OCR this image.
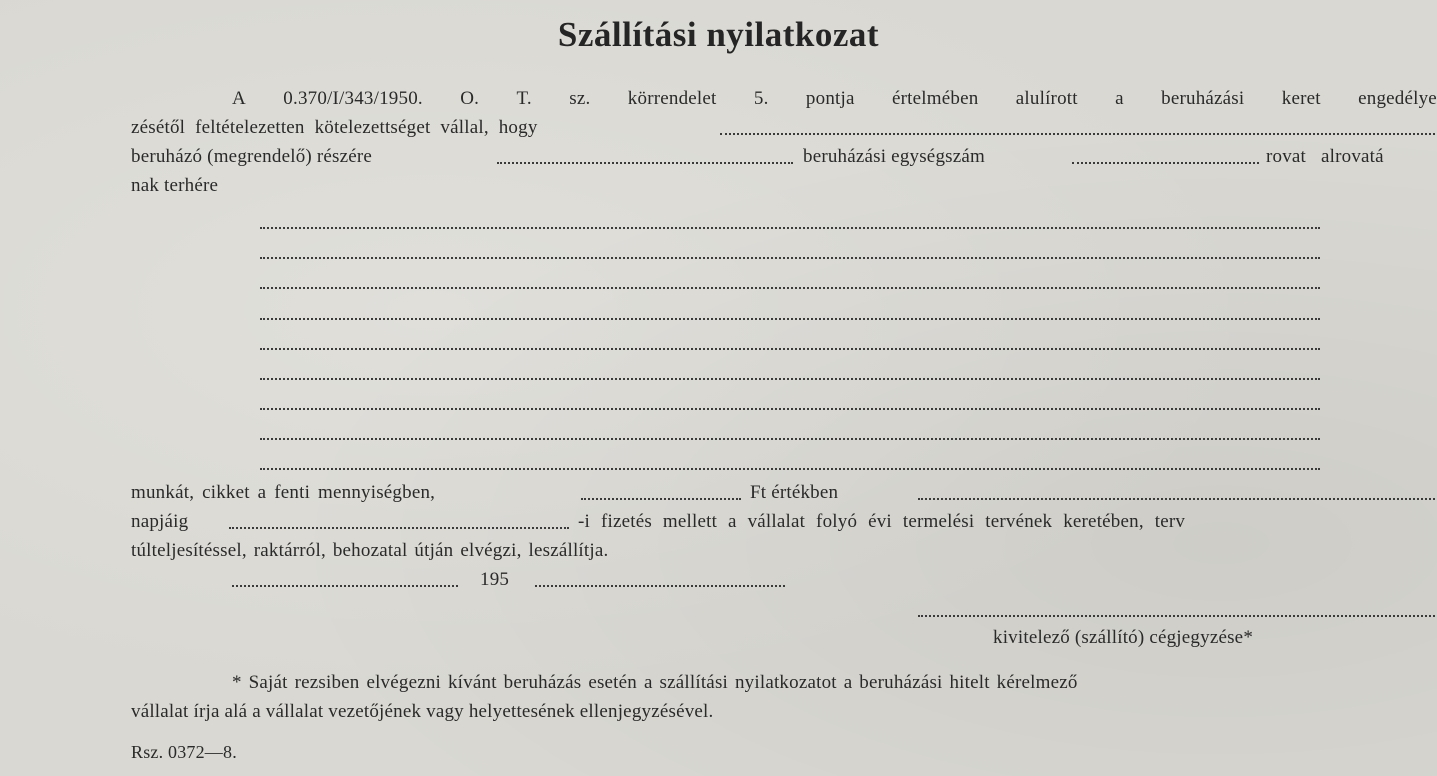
Szállítási nyilatkozat
A 0.370/I/343/1950. O. T. sz. körrendelet 5. pontja értelmében alulírott a beruházási keret engedélye
zésétől feltételezetten kötelezettséget vállal, hogy
beruházó (megrendelő) részére	beruházási egységszám	rovat alrovatá
nak terhére
munkát, cikket a fenti mennyiségben,	Ft értékben
napjáig	-i fizetés mellett a vállalat folyó évi termelési tervének keretében, terv
túlteljesítéssel, raktárról, behozatal útján elvégzi, leszállítja.
195
kivitelező (szállító) cégjegyzése*
* Saját rezsiben elvégezni kívánt beruházás esetén a szállítási nyilatkozatot a beruházási hitelt kérelmező
vállalat írja alá a vállalat vezetőjének vagy helyettesének ellenjegyzésével.
Rsz. 0372—8.
